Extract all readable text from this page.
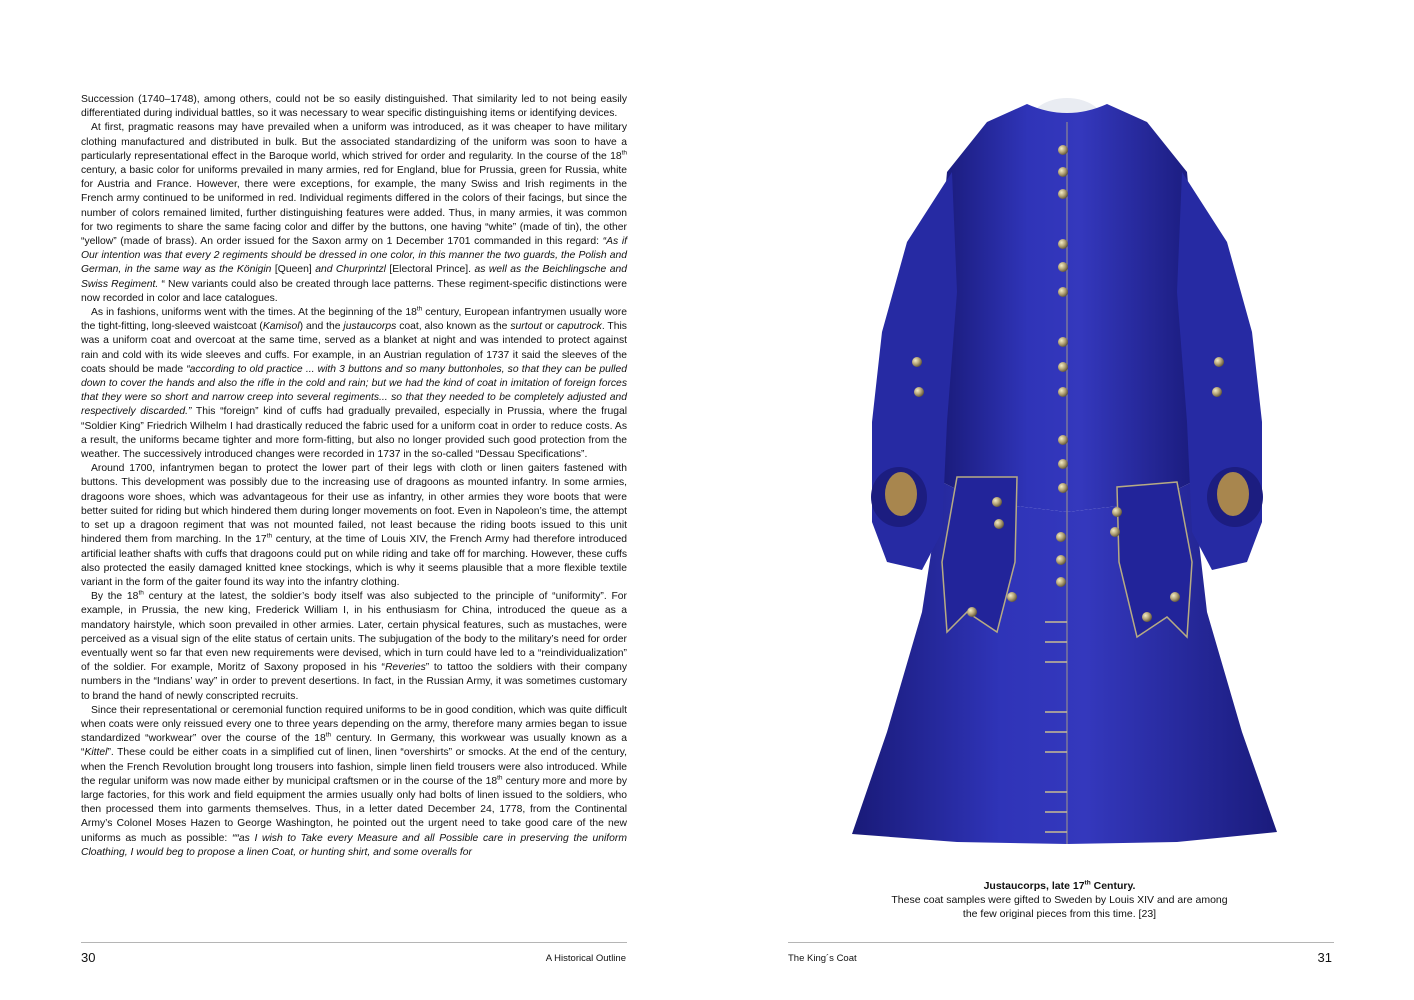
Succession (1740–1748), among others, could not be so easily distinguished. That similarity led to not being easily differentiated during individual battles, so it was necessary to wear specific distinguishing items or identifying devices.

At first, pragmatic reasons may have prevailed when a uniform was introduced, as it was cheaper to have military clothing manufactured and distributed in bulk. But the associated standardizing of the uniform was soon to have a particularly representational effect in the Baroque world, which strived for order and regularity. In the course of the 18th century, a basic color for uniforms prevailed in many armies, red for England, blue for Prussia, green for Russia, white for Austria and France. However, there were exceptions, for example, the many Swiss and Irish regiments in the French army continued to be uniformed in red. Individual regiments differed in the colors of their facings, but since the number of colors remained limited, further distinguishing features were added. Thus, in many armies, it was common for two regiments to share the same facing color and differ by the buttons, one having “white” (made of tin), the other “yellow” (made of brass). An order issued for the Saxon army on 1 December 1701 commanded in this regard: “As if Our intention was that every 2 regiments should be dressed in one color, in this manner the two guards, the Polish and German, in the same way as the Königin [Queen] and Churprintzl [Electoral Prince]. as well as the Beichlingsche and Swiss Regiment. “ New variants could also be created through lace patterns. These regiment-specific distinctions were now recorded in color and lace catalogues.

As in fashions, uniforms went with the times. At the beginning of the 18th century, European infantrymen usually wore the tight-fitting, long-sleeved waistcoat (Kamisol) and the justaucorps coat, also known as the surtout or caputrock. This was a uniform coat and overcoat at the same time, served as a blanket at night and was intended to protect against rain and cold with its wide sleeves and cuffs. For example, in an Austrian regulation of 1737 it said the sleeves of the coats should be made “according to old practice ... with 3 buttons and so many buttonholes, so that they can be pulled down to cover the hands and also the rifle in the cold and rain; but we had the kind of coat in imitation of foreign forces that they were so short and narrow creep into several regiments... so that they needed to be completely adjusted and respectively discarded.” This “foreign” kind of cuffs had gradually prevailed, especially in Prussia, where the frugal “Soldier King” Friedrich Wilhelm I had drastically reduced the fabric used for a uniform coat in order to reduce costs. As a result, the uniforms became tighter and more form-fitting, but also no longer provided such good protection from the weather. The successively introduced changes were recorded in 1737 in the so-called “Dessau Specifications”.

Around 1700, infantrymen began to protect the lower part of their legs with cloth or linen gaiters fastened with buttons. This development was possibly due to the increasing use of dragoons as mounted infantry. In some armies, dragoons wore shoes, which was advantageous for their use as infantry, in other armies they wore boots that were better suited for riding but which hindered them during longer movements on foot. Even in Napoleon’s time, the attempt to set up a dragoon regiment that was not mounted failed, not least because the riding boots issued to this unit hindered them from marching. In the 17th century, at the time of Louis XIV, the French Army had therefore introduced artificial leather shafts with cuffs that dragoons could put on while riding and take off for marching. However, these cuffs also protected the easily damaged knitted knee stockings, which is why it seems plausible that a more flexible textile variant in the form of the gaiter found its way into the infantry clothing.

By the 18th century at the latest, the soldier’s body itself was also subjected to the principle of “uniformity”. For example, in Prussia, the new king, Frederick William I, in his enthusiasm for China, introduced the queue as a mandatory hairstyle, which soon prevailed in other armies. Later, certain physical features, such as mustaches, were perceived as a visual sign of the elite status of certain units. The subjugation of the body to the military’s need for order eventually went so far that even new requirements were devised, which in turn could have led to a “reindividualization” of the soldier. For example, Moritz of Saxony proposed in his “Reveries” to tattoo the soldiers with their company numbers in the “Indians’ way” in order to prevent desertions. In fact, in the Russian Army, it was sometimes customary to brand the hand of newly conscripted recruits.

Since their representational or ceremonial function required uniforms to be in good condition, which was quite difficult when coats were only reissued every one to three years depending on the army, therefore many armies began to issue standardized “workwear” over the course of the 18th century. In Germany, this workwear was usually known as a “Kittel”. These could be either coats in a simplified cut of linen, linen “overshirts” or smocks. At the end of the century, when the French Revolution brought long trousers into fashion, simple linen field trousers were also introduced. While the regular uniform was now made either by municipal craftsmen or in the course of the 18th century more and more by large factories, for this work and field equipment the armies usually only had bolts of linen issued to the soldiers, who then processed them into garments themselves. Thus, in a letter dated December 24, 1778, from the Continental Army’s Colonel Moses Hazen to George Washington, he pointed out the urgent need to take good care of the new uniforms as much as possible: ““as I wish to Take every Measure and all Possible care in preserving the uniform Cloathing, I would beg to propose a linen Coat, or hunting shirt, and some overalls for

30	A Historical Outline
Justaucorps, late 17th Century.
These coat samples were gifted to Sweden by Louis XIV and are among the few original pieces from this time. [23]
The King´s Coat	31
